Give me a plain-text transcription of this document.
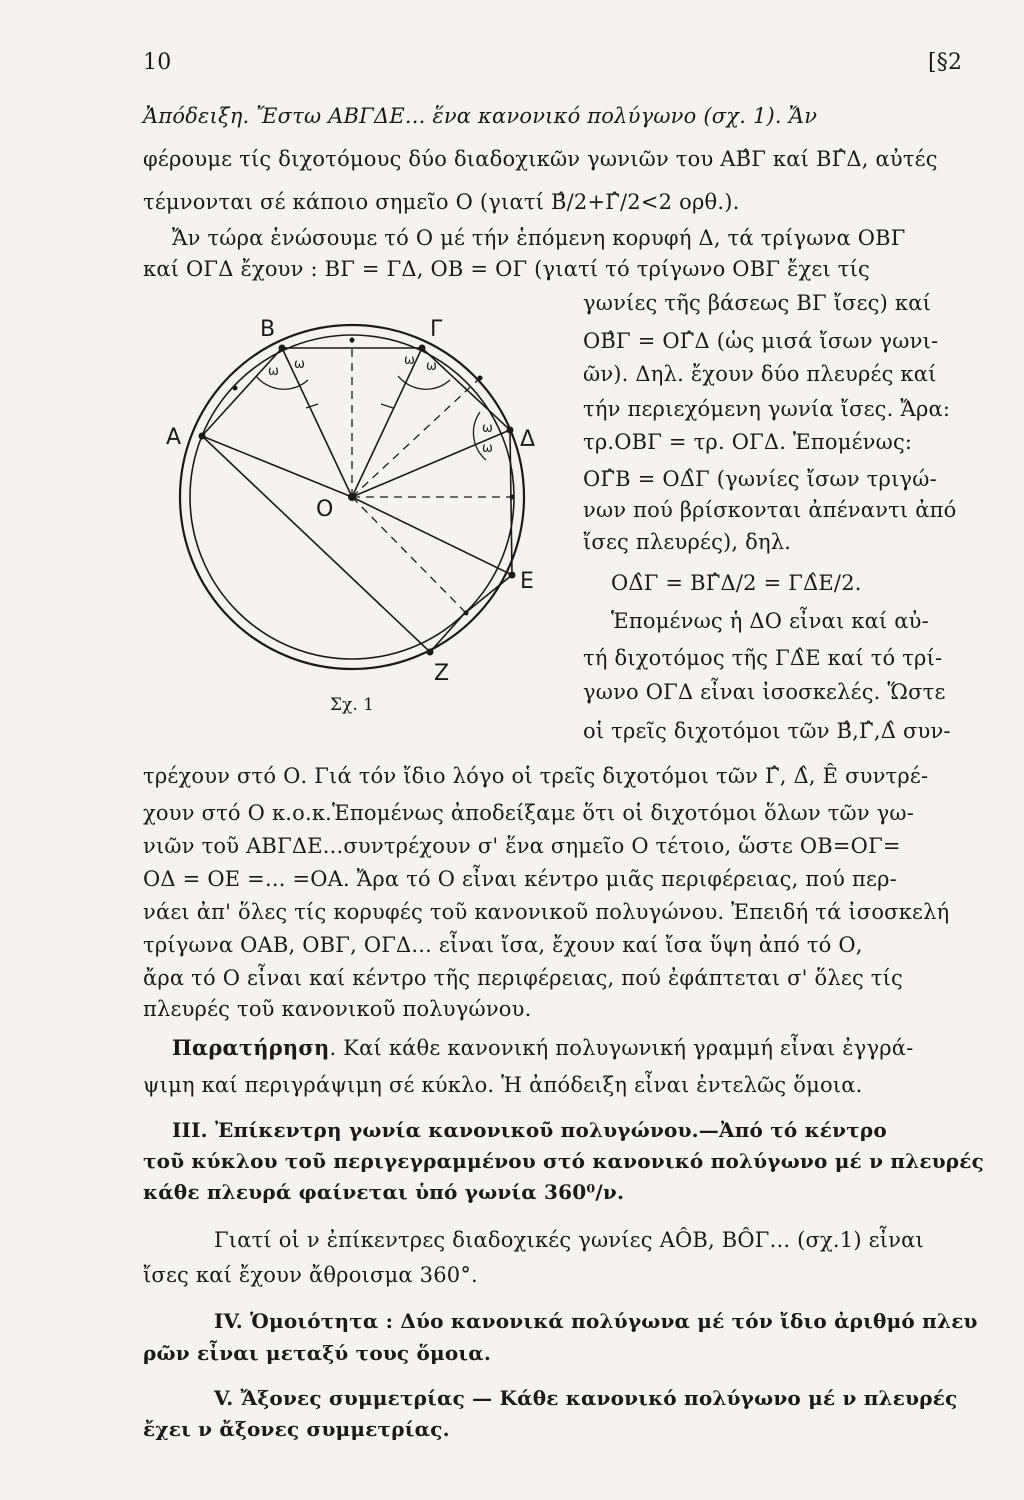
10	[§2
Ἀπόδειξη. Ἔστω ΑΒΓΔΕ... ἕνα κανονικό πολύγωνο (σχ. 1). Ἄν
φέρουμε τίς διχοτόμους δύο διαδοχικῶν γωνιῶν του ΑΒ̂Γ καί ΒΓ̂Δ, αὐτές
τέμνονται σέ κάποιο σημεῖο Ο (γιατί Β̂/2+Γ̂/2<2 ορθ.).
Ἄν τώρα ἑνώσουμε τό Ο μέ τήν ἑπόμενη κορυφή Δ, τά τρίγωνα ΟΒΓ
καί ΟΓΔ ἔχουν : ΒΓ = ΓΔ, ΟΒ = ΟΓ (γιατί τό τρίγωνο ΟΒΓ ἔχει τίς
B	Γ
A	Δ
O
E
Z
ω ω	ω ω
ω
ω
Σχ. 1
γωνίες τῆς βάσεως ΒΓ ἴσες) καί
ΟΒ̂Γ = ΟΓ̂Δ (ὡς μισά ἴσων γωνι-
ῶν). Δηλ. ἔχουν δύο πλευρές καί
τήν περιεχόμενη γωνία ἴσες. Ἄρα:
τρ.ΟΒΓ = τρ. ΟΓΔ. Ἑπομένως:
ΟΓ̂Β = ΟΔ̂Γ (γωνίες ἴσων τριγώ-
νων πού βρίσκονται ἀπέναντι ἀπό
ἴσες πλευρές), δηλ.
ΟΔ̂Γ = ΒΓ̂Δ/2 = ΓΔ̂Ε/2.
Ἑπομένως ἡ ΔΟ εἶναι καί αὐ-
τή διχοτόμος τῆς ΓΔ̂Ε καί τό τρί-
γωνο ΟΓΔ εἶναι ἰσοσκελές. Ὥστε
οἱ τρεῖς διχοτόμοι τῶν Β̂,Γ̂,Δ̂ συν-
τρέχουν στό Ο. Γιά τόν ἴδιο λόγο οἱ τρεῖς διχοτόμοι τῶν Γ̂, Δ̂, Ê συντρέ-
χουν στό Ο κ.ο.κ.Ἑπομένως ἀποδείξαμε ὅτι οἱ διχοτόμοι ὅλων τῶν γω-
νιῶν τοῦ ΑΒΓΔΕ...συντρέχουν σ' ἕνα σημεῖο Ο τέτοιο, ὥστε ΟΒ=ΟΓ=
ΟΔ = ΟΕ =... =ΟΑ. Ἄρα τό Ο εἶναι κέντρο μιᾶς περιφέρειας, πού περ-
νάει ἀπ' ὅλες τίς κορυφές τοῦ κανονικοῦ πολυγώνου. Ἐπειδή τά ἰσοσκελή
τρίγωνα ΟΑΒ, ΟΒΓ, ΟΓΔ... εἶναι ἴσα, ἔχουν καί ἴσα ὕψη ἀπό τό Ο,
ἄρα τό Ο εἶναι καί κέντρο τῆς περιφέρειας, πού ἐφάπτεται σ' ὅλες τίς
πλευρές τοῦ κανονικοῦ πολυγώνου.
Παρατήρηση. Καί κάθε κανονική πολυγωνική γραμμή εἶναι ἐγγρά-
ψιμη καί περιγράψιμη σέ κύκλο. Ἡ ἀπόδειξη εἶναι ἐντελῶς ὅμοια.
ΙΙΙ. Ἐπίκεντρη γωνία κανονικοῦ πολυγώνου.—Ἀπό τό κέντρο
τοῦ κύκλου τοῦ περιγεγραμμένου στό κανονικό πολύγωνο μέ ν πλευρές
κάθε πλευρά φαίνεται ὑπό γωνία 360⁰/ν.
Γιατί οἱ ν ἐπίκεντρες διαδοχικές γωνίες ΑÔΒ, ΒÔΓ... (σχ.1) εἶναι
ἴσες καί ἔχουν ἄθροισμα 360°.
ΙV. Ὁμοιότητα : Δύο κανονικά πολύγωνα μέ τόν ἴδιο ἀριθμό πλευ
ρῶν εἶναι μεταξύ τους ὅμοια.
V. Ἄξονες συμμετρίας — Κάθε κανονικό πολύγωνο μέ ν πλευρές
ἔχει ν ἄξονες συμμετρίας.
